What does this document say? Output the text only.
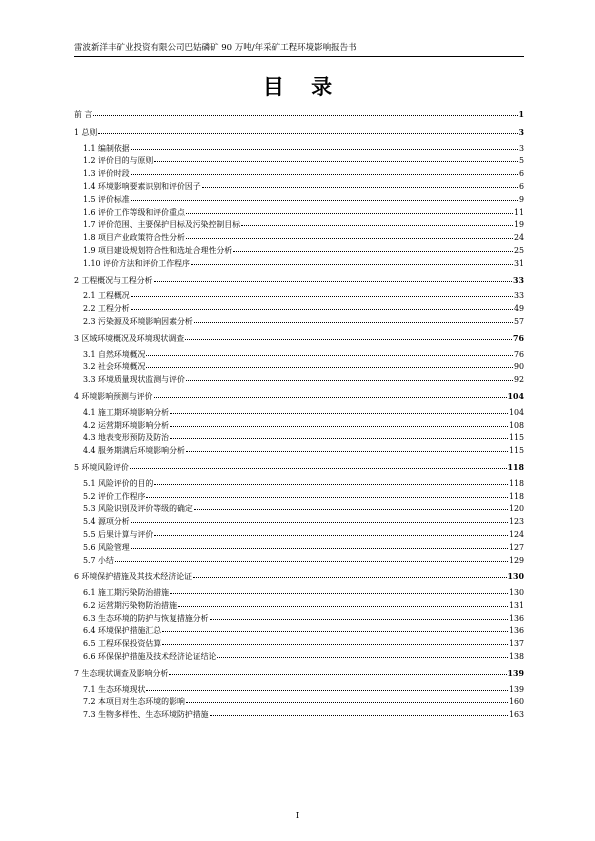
雷波新洋丰矿业投资有限公司巴姑磷矿 90 万吨/年采矿工程环境影响报告书
目 录
前 言	1
1 总则	3
1.1 编制依据	3
1.2 评价目的与原则	5
1.3 评价时段	6
1.4 环境影响要素识别和评价因子	6
1.5 评价标准	9
1.6 评价工作等级和评价重点	11
1.7 评价范围、主要保护目标及污染控制目标	19
1.8 项目产业政策符合性分析	24
1.9 项目建设规划符合性和选址合理性分析	25
1.10 评价方法和评价工作程序	31
2 工程概况与工程分析	33
2.1 工程概况	33
2.2 工程分析	49
2.3 污染源及环境影响因素分析	57
3 区域环境概况及环境现状调查	76
3.1 自然环境概况	76
3.2 社会环境概况	90
3.3 环境质量现状监测与评价	92
4 环境影响预测与评价	104
4.1 施工期环境影响分析	104
4.2 运营期环境影响分析	108
4.3 地表变形预防及防治	115
4.4 服务期满后环境影响分析	115
5 环境风险评价	118
5.1 风险评价的目的	118
5.2 评价工作程序	118
5.3 风险识别及评价等级的确定	120
5.4 源项分析	123
5.5 后果计算与评价	124
5.6 风险管理	127
5.7 小结	129
6 环境保护措施及其技术经济论证	130
6.1 施工期污染防治措施	130
6.2 运营期污染物防治措施	131
6.3 生态环境的防护与恢复措施分析	136
6.4 环境保护措施汇总	136
6.5 工程环保投资估算	137
6.6 环保保护措施及技术经济论证结论	138
7 生态现状调查及影响分析	139
7.1 生态环境现状	139
7.2 本项目对生态环境的影响	160
7.3 生物多样性、生态环境防护措施	163
I
